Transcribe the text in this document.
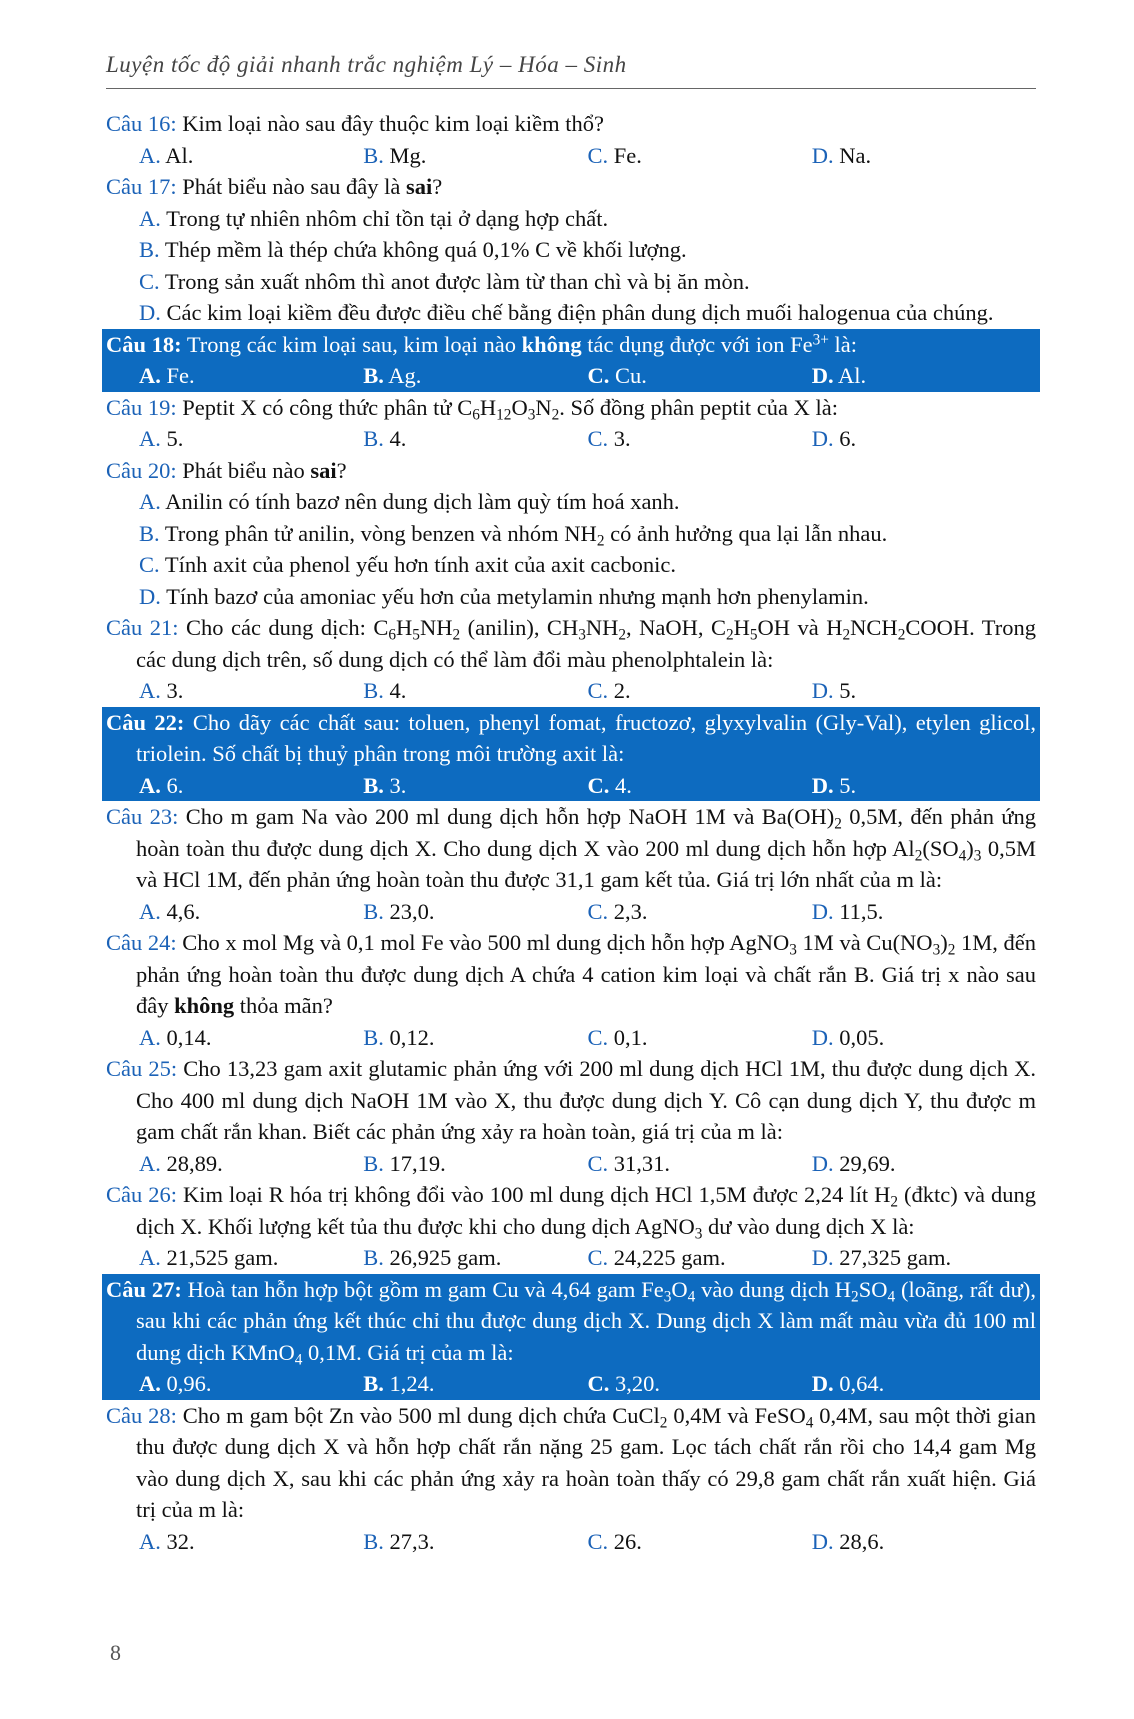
Luyện tốc độ giải nhanh trắc nghiệm Lý – Hóa – Sinh
Câu 16: Kim loại nào sau đây thuộc kim loại kiềm thổ?
A. Al.	B. Mg.	C. Fe.	D. Na.
Câu 17: Phát biểu nào sau đây là sai?
A. Trong tự nhiên nhôm chỉ tồn tại ở dạng hợp chất.
B. Thép mềm là thép chứa không quá 0,1% C về khối lượng.
C. Trong sản xuất nhôm thì anot được làm từ than chì và bị ăn mòn.
D. Các kim loại kiềm đều được điều chế bằng điện phân dung dịch muối halogenua của chúng.
Câu 18: Trong các kim loại sau, kim loại nào không tác dụng được với ion $Fe^{3+}$ là:
A. Fe.	B. Ag.	C. Cu.	D. Al.
Câu 19: Peptit X có công thức phân tử $C_6H_{12}O_3N_2$. Số đồng phân peptit của X là:
A. 5.	B. 4.	C. 3.	D. 6.
Câu 20: Phát biểu nào sai?
A. Anilin có tính bazơ nên dung dịch làm quỳ tím hoá xanh.
B. Trong phân tử anilin, vòng benzen và nhóm $NH_2$ có ảnh hưởng qua lại lẫn nhau.
C. Tính axit của phenol yếu hơn tính axit của axit cacbonic.
D. Tính bazơ của amoniac yếu hơn của metylamin nhưng mạnh hơn phenylamin.
Câu 21: Cho các dung dịch: $C_6H_5NH_2$ (anilin), $CH_3NH_2$, NaOH, $C_2H_5OH$ và $H_2NCH_2COOH$. Trong các dung dịch trên, số dung dịch có thể làm đổi màu phenolphtalein là:
A. 3.	B. 4.	C. 2.	D. 5.
Câu 22: Cho dãy các chất sau: toluen, phenyl fomat, fructozơ, glyxylvalin (Gly-Val), etylen glicol, triolein. Số chất bị thuỷ phân trong môi trường axit là:
A. 6.	B. 3.	C. 4.	D. 5.
Câu 23: Cho m gam Na vào 200 ml dung dịch hỗn hợp NaOH 1M và $Ba(OH)_2$ 0,5M, đến phản ứng hoàn toàn thu được dung dịch X. Cho dung dịch X vào 200 ml dung dịch hỗn hợp $Al_2(SO_4)_3$ 0,5M và HCl 1M, đến phản ứng hoàn toàn thu được 31,1 gam kết tủa. Giá trị lớn nhất của m là:
A. 4,6.	B. 23,0.	C. 2,3.	D. 11,5.
Câu 24: Cho x mol Mg và 0,1 mol Fe vào 500 ml dung dịch hỗn hợp AgNO$_3$ 1M và $Cu(NO_3)_2$ 1M, đến phản ứng hoàn toàn thu được dung dịch A chứa 4 cation kim loại và chất rắn B. Giá trị x nào sau đây không thỏa mãn?
A. 0,14.	B. 0,12.	C. 0,1.	D. 0,05.
Câu 25: Cho 13,23 gam axit glutamic phản ứng với 200 ml dung dịch HCl 1M, thu được dung dịch X. Cho 400 ml dung dịch NaOH 1M vào X, thu được dung dịch Y. Cô cạn dung dịch Y, thu được m gam chất rắn khan. Biết các phản ứng xảy ra hoàn toàn, giá trị của m là:
A. 28,89.	B. 17,19.	C. 31,31.	D. 29,69.
Câu 26: Kim loại R hóa trị không đổi vào 100 ml dung dịch HCl 1,5M được 2,24 lít $H_2$ (đktc) và dung dịch X. Khối lượng kết tủa thu được khi cho dung dịch AgNO$_3$ dư vào dung dịch X là:
A. 21,525 gam.	B. 26,925 gam.	C. 24,225 gam.	D. 27,325 gam.
Câu 27: Hoà tan hỗn hợp bột gồm m gam Cu và 4,64 gam $Fe_3O_4$ vào dung dịch $H_2SO_4$ (loãng, rất dư), sau khi các phản ứng kết thúc chỉ thu được dung dịch X. Dung dịch X làm mất màu vừa đủ 100 ml dung dịch KMnO$_4$ 0,1M. Giá trị của m là:
A. 0,96.	B. 1,24.	C. 3,20.	D. 0,64.
Câu 28: Cho m gam bột Zn vào 500 ml dung dịch chứa CuCl$_2$ 0,4M và FeSO$_4$ 0,4M, sau một thời gian thu được dung dịch X và hỗn hợp chất rắn nặng 25 gam. Lọc tách chất rắn rồi cho 14,4 gam Mg vào dung dịch X, sau khi các phản ứng xảy ra hoàn toàn thấy có 29,8 gam chất rắn xuất hiện. Giá trị của m là:
A. 32.	B. 27,3.	C. 26.	D. 28,6.
8
